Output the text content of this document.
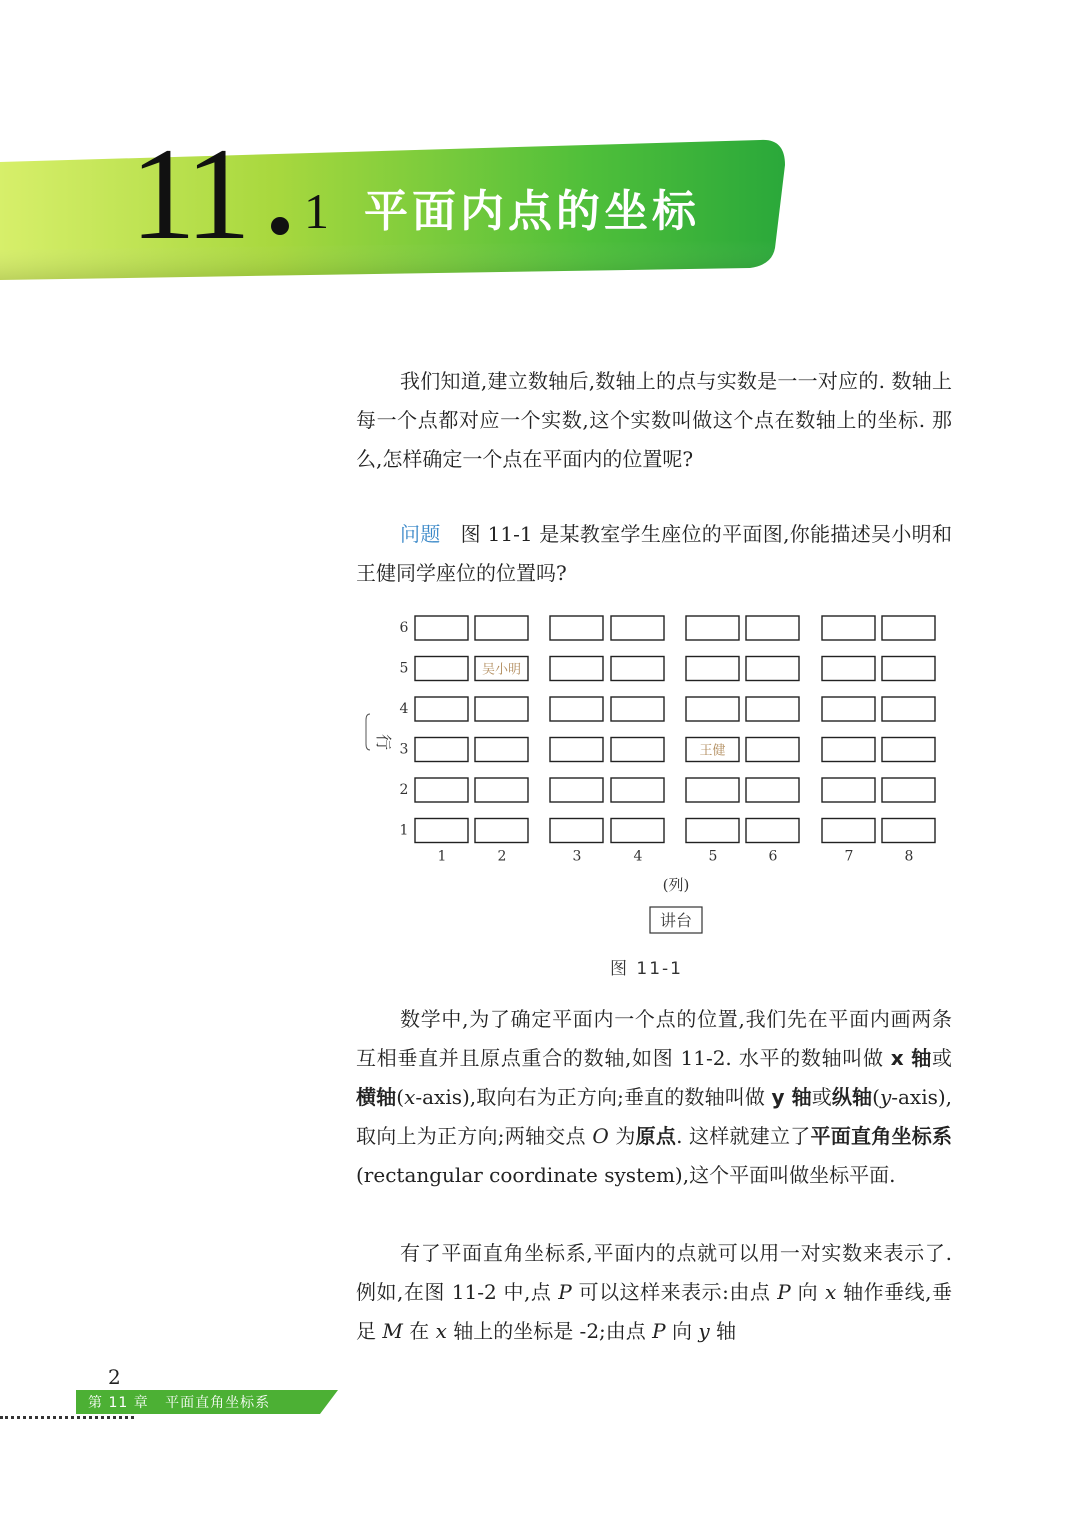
11 1 平面内点的坐标

我们知道,建立数轴后,数轴上的点与实数是一一对应的. 数轴上每一个点都对应一个实数,这个实数叫做这个点在数轴上的坐标. 那么,怎样确定一个点在平面内的位置呢?

问题 图 11-1 是某教室学生座位的平面图,你能描述吴小明和王健同学座位的位置吗?

吴小明
王健
6
5
4
3
2
1
1	2	3	4	5	6	7	8
行
(列)
讲台
图 11-1

数学中,为了确定平面内一个点的位置,我们先在平面内画两条互相垂直并且原点重合的数轴,如图 11-2. 水平的数轴叫做 x 轴或横轴(x-axis),取向右为正方向;垂直的数轴叫做 y 轴或纵轴(y-axis),取向上为正方向;两轴交点 O 为原点. 这样就建立了平面直角坐标系(rectangular coordinate system),这个平面叫做坐标平面.

有了平面直角坐标系,平面内的点就可以用一对实数来表示了. 例如,在图 11-2 中,点 P 可以这样来表示:由点 P 向 x 轴作垂线,垂足 M 在 x 轴上的坐标是 -2;由点 P 向 y 轴

2
第 11 章   平面直角坐标系
